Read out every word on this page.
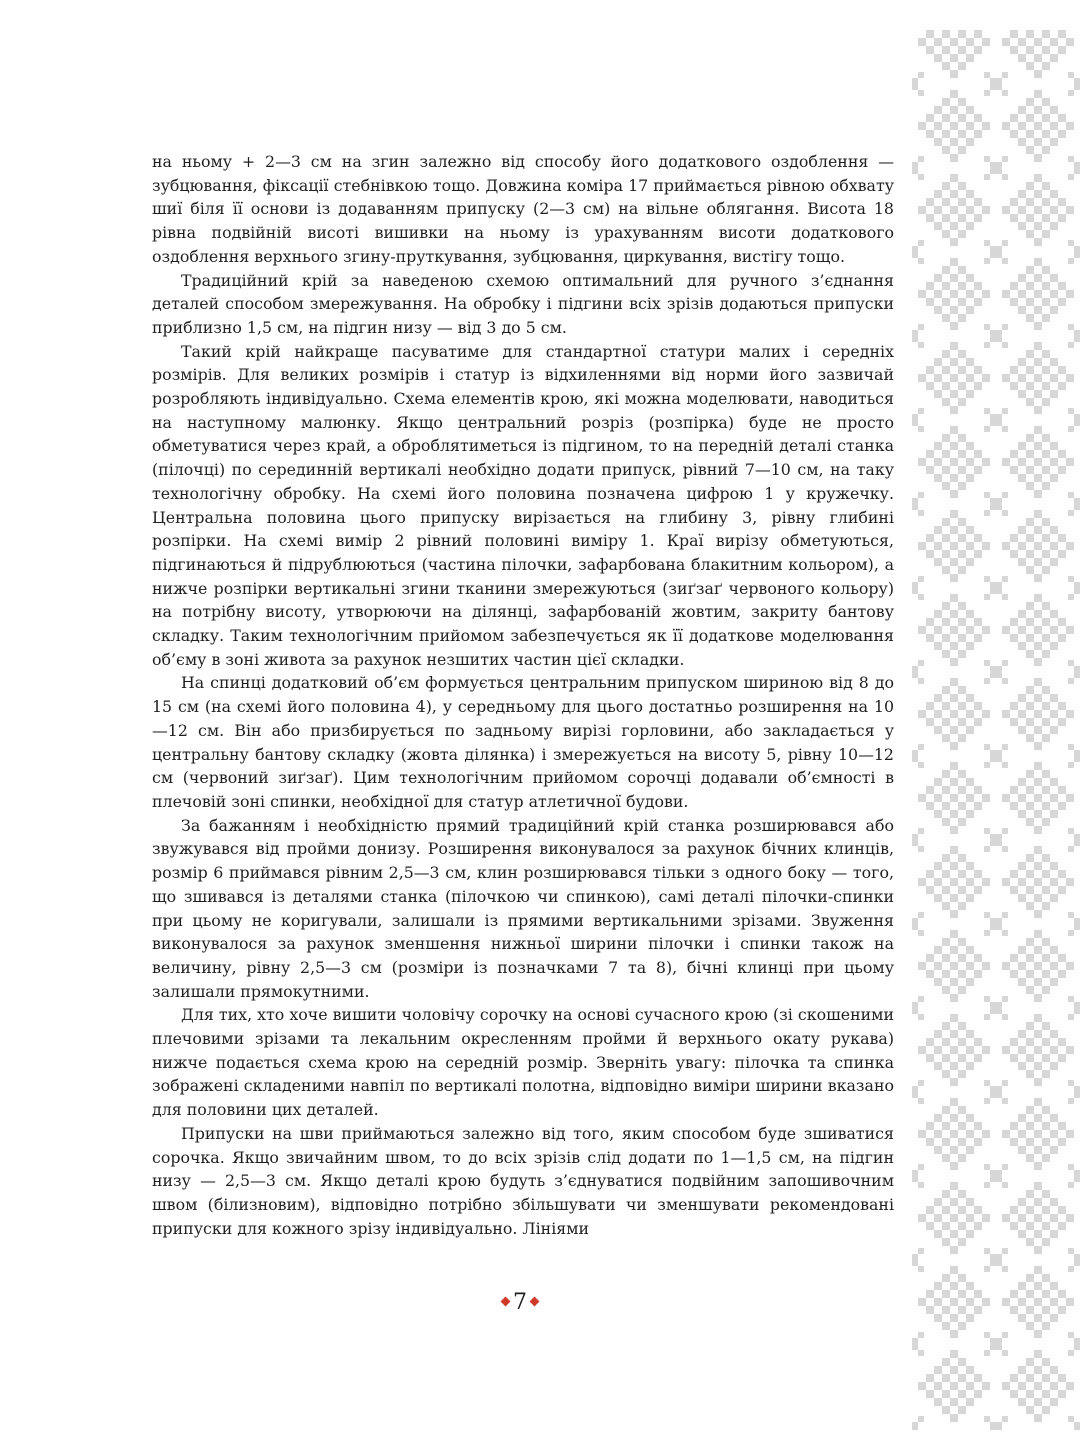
на ньому + 2—3 см на згин залежно від способу його додаткового оздоблення — зубцювання, фіксації стебнівкою тощо. Довжина коміра 17 приймається рівною обхвату шиї біля її основи із додаванням припуску (2—3 см) на вільне облягання. Висота 18 рівна подвійній висоті вишивки на ньому із урахуванням висоти додаткового оздоблення верхнього згину-пруткування, зубцювання, циркування, вистігу тощо.

Традиційний крій за наведеною схемою оптимальний для ручного з’єднання деталей способом змережування. На обробку і підгини всіх зрізів додаються припуски приблизно 1,5 см, на підгин низу — від 3 до 5 см.

Такий крій найкраще пасуватиме для стандартної статури малих і середніх розмірів. Для великих розмірів і статур із відхиленнями від норми його зазвичай розробляють індивідуально. Схема елементів крою, які можна моделювати, наводиться на наступному малюнку. Якщо центральний розріз (розпірка) буде не просто обметуватися через край, а оброблятиметься із підгином, то на передній деталі станка (пілочці) по серединній вертикалі необхідно додати припуск, рівний 7—10 см, на таку технологічну обробку. На схемі його половина позначена цифрою 1 у кружечку. Центральна половина цього припуску вирізається на глибину 3, рівну глибині розпірки. На схемі вимір 2 рівний половині виміру 1. Краї вирізу обметуються, підгинаються й підрублюються (частина пілочки, зафарбована блакитним кольором), а нижче розпірки вертикальні згини тканини змережуються (зиґзаґ червоного кольору) на потрібну висоту, утворюючи на ділянці, зафарбованій жовтим, закриту бантову складку. Таким технологічним прийомом забезпечується як її додаткове моделювання об’єму в зоні живота за рахунок незшитих частин цієї складки.

На спинці додатковий об’єм формується центральним припуском шириною від 8 до 15 см (на схемі його половина 4), у середньому для цього достатньо розширення на 10—12 см. Він або призбирується по задньому вирізі горловини, або закладається у центральну бантову складку (жовта ділянка) і змережується на висоту 5, рівну 10—12 см (червоний зиґзаґ). Цим технологічним прийомом сорочці додавали об’ємності в плечовій зоні спинки, необхідної для статур атлетичної будови.

За бажанням і необхідністю прямий традиційний крій станка розширювався або звужувався від пройми донизу. Розширення виконувалося за рахунок бічних клинців, розмір 6 приймався рівним 2,5—3 см, клин розширювався тільки з одного боку — того, що зшивався із деталями станка (пілочкою чи спинкою), самі деталі пілочки-спинки при цьому не коригували, залишали із прямими вертикальними зрізами. Звуження виконувалося за рахунок зменшення нижньої ширини пілочки і спинки також на величину, рівну 2,5—3 см (розміри із позначками 7 та 8), бічні клинці при цьому залишали прямокутними.

Для тих, хто хоче вишити чоловічу сорочку на основі сучасного крою (зі скошеними плечовими зрізами та лекальним окресленням пройми й верхнього окату рукава) нижче подається схема крою на середній розмір. Зверніть увагу: пілочка та спинка зображені складеними навпіл по вертикалі полотна, відповідно виміри ширини вказано для половини цих деталей.

Припуски на шви приймаються залежно від того, яким способом буде зшиватися сорочка. Якщо звичайним швом, то до всіх зрізів слід додати по 1—1,5 см, на підгин низу — 2,5—3 см. Якщо деталі крою будуть з’єднуватися подвійним запошивочним швом (білизновим), відповідно потрібно збільшувати чи зменшувати рекомендовані припуски для кожного зрізу індивідуально. Лініями

7
